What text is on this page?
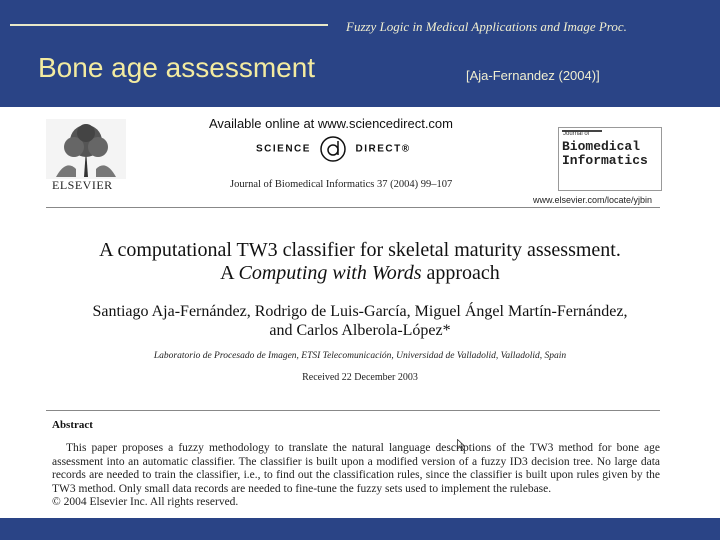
Fuzzy Logic in Medical Applications and Image Proc.
Bone age assessment	[Aja-Fernandez (2004)]
ELSEVIER
Available online at www.sciencedirect.com
SCIENCE	DIRECT®
Journal of Biomedical Informatics 37 (2004) 99–107
Journal of
Biomedical
Informatics
www.elsevier.com/locate/yjbin
A computational TW3 classifier for skeletal maturity assessment.
A Computing with Words approach
Santiago Aja-Fernández, Rodrigo de Luis-García, Miguel Ángel Martín-Fernández,
and Carlos Alberola-López*
Laboratorio de Procesado de Imagen, ETSI Telecomunicación, Universidad de Valladolid, Valladolid, Spain
Received 22 December 2003
Abstract
This paper proposes a fuzzy methodology to translate the natural language descriptions of the TW3 method for bone age assessment into an automatic classifier. The classifier is built upon a modified version of a fuzzy ID3 decision tree. No large data records are needed to train the classifier, i.e., to find out the classification rules, since the classifier is built upon rules given by the TW3 method. Only small data records are needed to fine-tune the fuzzy sets used to implement the rulebase.
© 2004 Elsevier Inc. All rights reserved.
